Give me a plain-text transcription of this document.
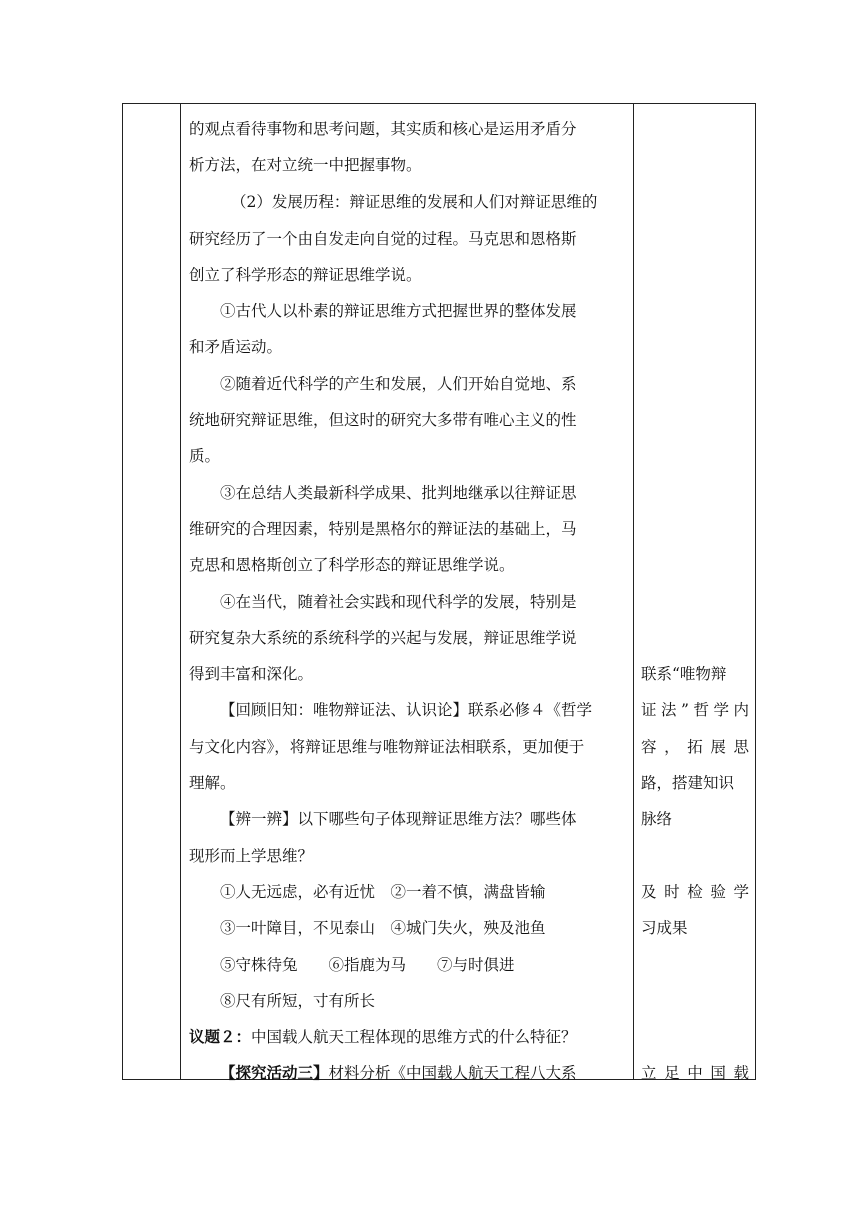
的观点看待事物和思考问题，其实质和核心是运用矛盾分
析方法，在对立统一中把握事物。
（2）发展历程：辩证思维的发展和人们对辩证思维的
研究经历了一个由自发走向自觉的过程。马克思和恩格斯
创立了科学形态的辩证思维学说。
①古代人以朴素的辩证思维方式把握世界的整体发展
和矛盾运动。
②随着近代科学的产生和发展，人们开始自觉地、系
统地研究辩证思维，但这时的研究大多带有唯心主义的性
质。
③在总结人类最新科学成果、批判地继承以往辩证思
维研究的合理因素，特别是黑格尔的辩证法的基础上，马
克思和恩格斯创立了科学形态的辩证思维学说。
④在当代，随着社会实践和现代科学的发展，特别是
研究复杂大系统的系统科学的兴起与发展，辩证思维学说
得到丰富和深化。
【回顾旧知：唯物辩证法、认识论】联系必修４《哲学
与文化内容》，将辩证思维与唯物辩证法相联系，更加便于
理解。
【辨一辨】以下哪些句子体现辩证思维方法？哪些体
现形而上学思维？
①人无远虑，必有近忧　②一着不慎，满盘皆输
③一叶障目，不见泰山　④城门失火，殃及池鱼
⑤守株待兔　　⑥指鹿为马　　⑦与时俱进
⑧尺有所短，寸有所长
议题２：中国载人航天工程体现的思维方式的什么特征？
【探究活动三】材料分析《中国载人航天工程八大系
联系“唯物辩
证法”哲学内
容，拓展思
路，搭建知识
脉络
及时检验学
习成果
立足中国载
